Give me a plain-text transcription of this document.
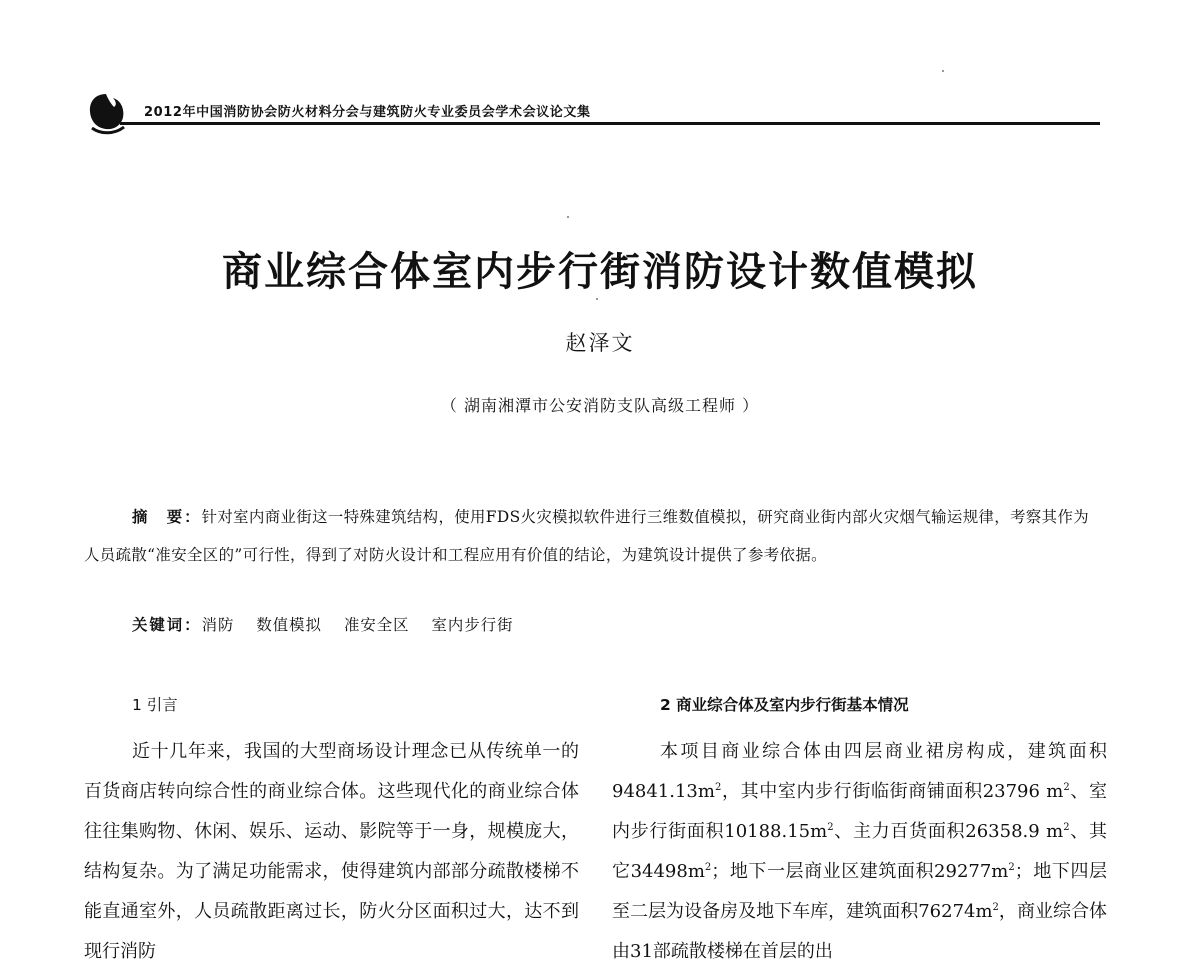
2012年中国消防协会防火材料分会与建筑防火专业委员会学术会议论文集
商业综合体室内步行街消防设计数值模拟
赵泽文
（ 湖南湘潭市公安消防支队高级工程师 ）

摘　要：针对室内商业街这一特殊建筑结构，使用FDS火灾模拟软件进行三维数值模拟，研究商业街内部火灾烟气输运规律，考察其作为人员疏散“准安全区的”可行性，得到了对防火设计和工程应用有价值的结论，为建筑设计提供了参考依据。

关键词：消防 数值模拟 准安全区 室内步行街
1 引言

近十几年来，我国的大型商场设计理念已从传统单一的百货商店转向综合性的商业综合体。这些现代化的商业综合体往往集购物、休闲、娱乐、运动、影院等于一身，规模庞大，结构复杂。为了满足功能需求，使得建筑内部部分疏散楼梯不能直通室外，人员疏散距离过长，防火分区面积过大，达不到现行消防

2 商业综合体及室内步行街基本情况

本项目商业综合体由四层商业裙房构成，建筑面积$94841.13m^2$，其中室内步行街临街商铺面积23796 $m^2$、室内步行街面积$10188.15m^2$、主力百货面积26358.9 $m^2$、其它$34498m^2$；地下一层商业区建筑面积$29277m^2$；地下四层至二层为设备房及地下车库，建筑面积$76274m^2$，商业综合体由31部疏散楼梯在首层的出
